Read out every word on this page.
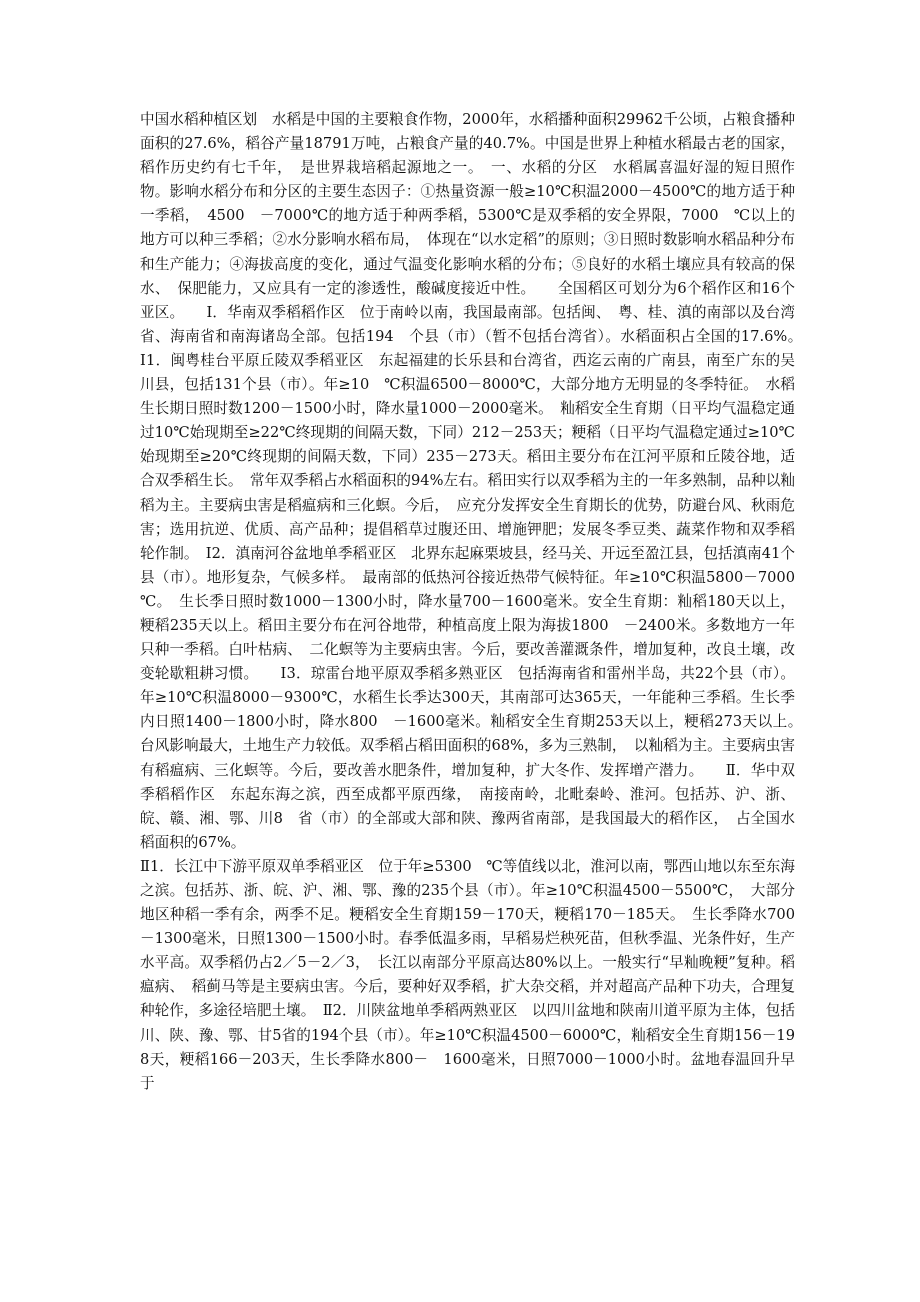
中国水稻种植区划　水稻是中国的主要粮食作物，2000年，水稻播种面积29962千公顷，占粮食播种面积的27.6%，稻谷产量18791万吨，占粮食产量的40.7%。中国是世界上种植水稻最古老的国家，稻作历史约有七千年，　是世界栽培稻起源地之一。　一、水稻的分区　水稻属喜温好湿的短日照作物。影响水稻分布和分区的主要生态因子：①热量资源一般≥10℃积温2000－4500℃的地方适于种一季稻，　4500　－7000℃的地方适于种两季稻，5300℃是双季稻的安全界限，7000　℃以上的地方可以种三季稻；②水分影响水稻布局，　体现在“以水定稻”的原则；③日照时数影响水稻品种分布和生产能力；④海拔高度的变化，通过气温变化影响水稻的分布；⑤良好的水稻土壤应具有较高的保水、　保肥能力，又应具有一定的渗透性，酸碱度接近中性。　　全国稻区可划分为6个稻作区和16个亚区。　　Ⅰ．华南双季稻稻作区　位于南岭以南，我国最南部。包括闽、　粤、桂、滇的南部以及台湾省、海南省和南海诸岛全部。包括194　个县（市）（暂不包括台湾省）。水稻面积占全国的17.6%。　Ⅰ1．闽粤桂台平原丘陵双季稻亚区　东起福建的长乐县和台湾省，西迄云南的广南县，南至广东的吴川县，包括131个县（市）。年≥10　℃积温6500－8000℃，大部分地方无明显的冬季特征。　水稻生长期日照时数1200－1500小时，降水量1000－2000毫米。　籼稻安全生育期（日平均气温稳定通过10℃始现期至≥22℃终现期的间隔天数，下同）212－253天；粳稻（日平均气温稳定通过≥10℃始现期至≥20℃终现期的间隔天数，下同）235－273天。稻田主要分布在江河平原和丘陵谷地，适合双季稻生长。　常年双季稻占水稻面积的94%左右。稻田实行以双季稻为主的一年多熟制，品种以籼稻为主。主要病虫害是稻瘟病和三化螟。今后，　应充分发挥安全生育期长的优势，防避台风、秋雨危害；选用抗逆、优质、高产品种；提倡稻草过腹还田、增施钾肥；发展冬季豆类、蔬菜作物和双季稻轮作制。　Ⅰ2．滇南河谷盆地单季稻亚区　北界东起麻栗坡县，经马关、开远至盈江县，包括滇南41个县（市）。地形复杂，气候多样。　最南部的低热河谷接近热带气候特征。年≥10℃积温5800－7000　℃。　生长季日照时数1000－1300小时，降水量700－1600毫米。安全生育期：籼稻180天以上，粳稻235天以上。稻田主要分布在河谷地带，种植高度上限为海拔1800　－2400米。多数地方一年只种一季稻。白叶枯病、　二化螟等为主要病虫害。今后，要改善灌溉条件，增加复种，改良土壤，改变轮歇粗耕习惯。　　Ⅰ3．琼雷台地平原双季稻多熟亚区　包括海南省和雷州半岛，共22个县（市）。年≥10℃积温8000－9300℃，水稻生长季达300天，其南部可达365天，一年能种三季稻。生长季内日照1400－1800小时，降水800　－1600毫米。籼稻安全生育期253天以上，粳稻273天以上。　台风影响最大，土地生产力较低。双季稻占稻田面积的68%，多为三熟制，　以籼稻为主。主要病虫害有稻瘟病、三化螟等。今后，要改善水肥条件，增加复种，扩大冬作、发挥增产潜力。　　Ⅱ．华中双季稻稻作区　东起东海之滨，西至成都平原西缘，　南接南岭，北毗秦岭、淮河。包括苏、沪、浙、皖、赣、湘、鄂、川8　省（市）的全部或大部和陕、豫两省南部，是我国最大的稻作区，　占全国水稻面积的67%。

Ⅱ1．长江中下游平原双单季稻亚区　位于年≥5300　℃等值线以北，淮河以南，鄂西山地以东至东海之滨。包括苏、浙、皖、沪、湘、鄂、豫的235个县（市）。年≥10℃积温4500－5500℃，　大部分地区种稻一季有余，两季不足。粳稻安全生育期159－170天，粳稻170－185天。　生长季降水700－1300毫米，日照1300－1500小时。春季低温多雨，早稻易烂秧死苗，但秋季温、光条件好，生产水平高。双季稻仍占2／5－2／3，　长江以南部分平原高达80%以上。一般实行“早籼晚粳”复种。稻瘟病、　稻蓟马等是主要病虫害。今后，要种好双季稻，扩大杂交稻，并对超高产品种下功夫，合理复种轮作，多途径培肥土壤。　Ⅱ2．川陕盆地单季稻两熟亚区　以四川盆地和陕南川道平原为主体，包括川、陕、豫、鄂、甘5省的194个县（市）。年≥10℃积温4500－6000℃，籼稻安全生育期156－198天，粳稻166－203天，生长季降水800－　1600毫米，日照7000－1000小时。盆地春温回升早于
